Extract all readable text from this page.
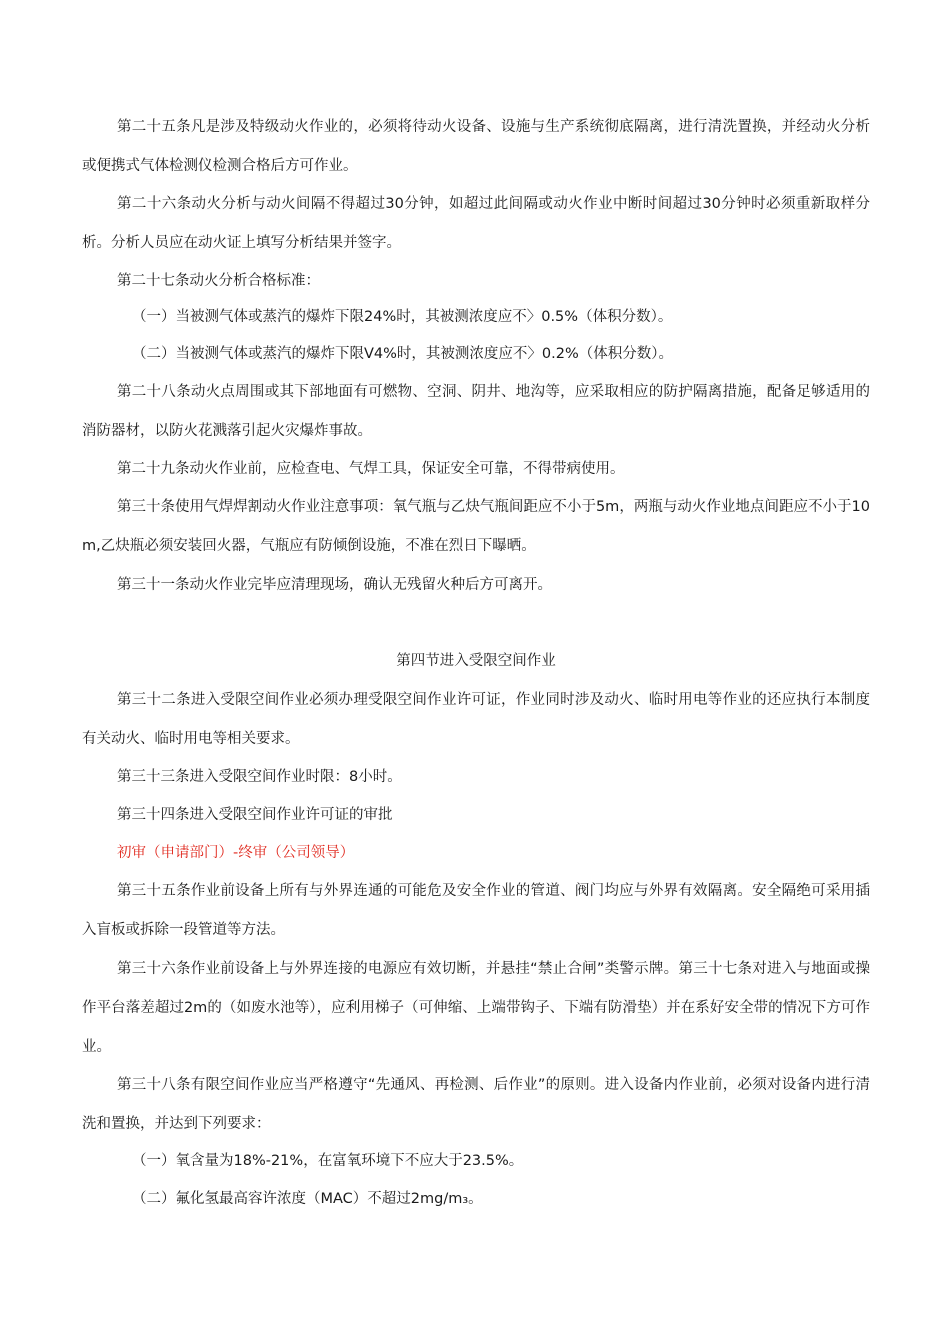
第二十五条凡是涉及特级动火作业的，必须将待动火设备、设施与生产系统彻底隔离，进行清洗置换，并经动火分析或便携式气体检测仪检测合格后方可作业。

第二十六条动火分析与动火间隔不得超过30分钟，如超过此间隔或动火作业中断时间超过30分钟时必须重新取样分析。分析人员应在动火证上填写分析结果并签字。

第二十七条动火分析合格标准：

（一）当被测气体或蒸汽的爆炸下限24%时，其被测浓度应不〉0.5%（体积分数）。

（二）当被测气体或蒸汽的爆炸下限V4%时，其被测浓度应不〉0.2%（体积分数）。

第二十八条动火点周围或其下部地面有可燃物、空洞、阴井、地沟等，应采取相应的防护隔离措施，配备足够适用的消防器材，以防火花溅落引起火灾爆炸事故。

第二十九条动火作业前，应检查电、气焊工具，保证安全可靠，不得带病使用。

第三十条使用气焊焊割动火作业注意事项：氧气瓶与乙炔气瓶间距应不小于5m，两瓶与动火作业地点间距应不小于10m,乙炔瓶必须安装回火器，气瓶应有防倾倒设施，不准在烈日下曝晒。

第三十一条动火作业完毕应清理现场，确认无残留火种后方可离开。

第四节进入受限空间作业

第三十二条进入受限空间作业必须办理受限空间作业许可证，作业同时涉及动火、临时用电等作业的还应执行本制度有关动火、临时用电等相关要求。

第三十三条进入受限空间作业时限：8小时。

第三十四条进入受限空间作业许可证的审批

初审（申请部门）-终审（公司领导）

第三十五条作业前设备上所有与外界连通的可能危及安全作业的管道、阀门均应与外界有效隔离。安全隔绝可采用插入盲板或拆除一段管道等方法。

第三十六条作业前设备上与外界连接的电源应有效切断，并悬挂“禁止合闸”类警示牌。第三十七条对进入与地面或操作平台落差超过2m的（如废水池等），应利用梯子（可伸缩、上端带钩子、下端有防滑垫）并在系好安全带的情况下方可作业。

第三十八条有限空间作业应当严格遵守“先通风、再检测、后作业”的原则。进入设备内作业前，必须对设备内进行清洗和置换，并达到下列要求：

（一）氧含量为18%-21%，在富氧环境下不应大于23.5%。

（二）氟化氢最高容许浓度（MAC）不超过2mg/m₃。
